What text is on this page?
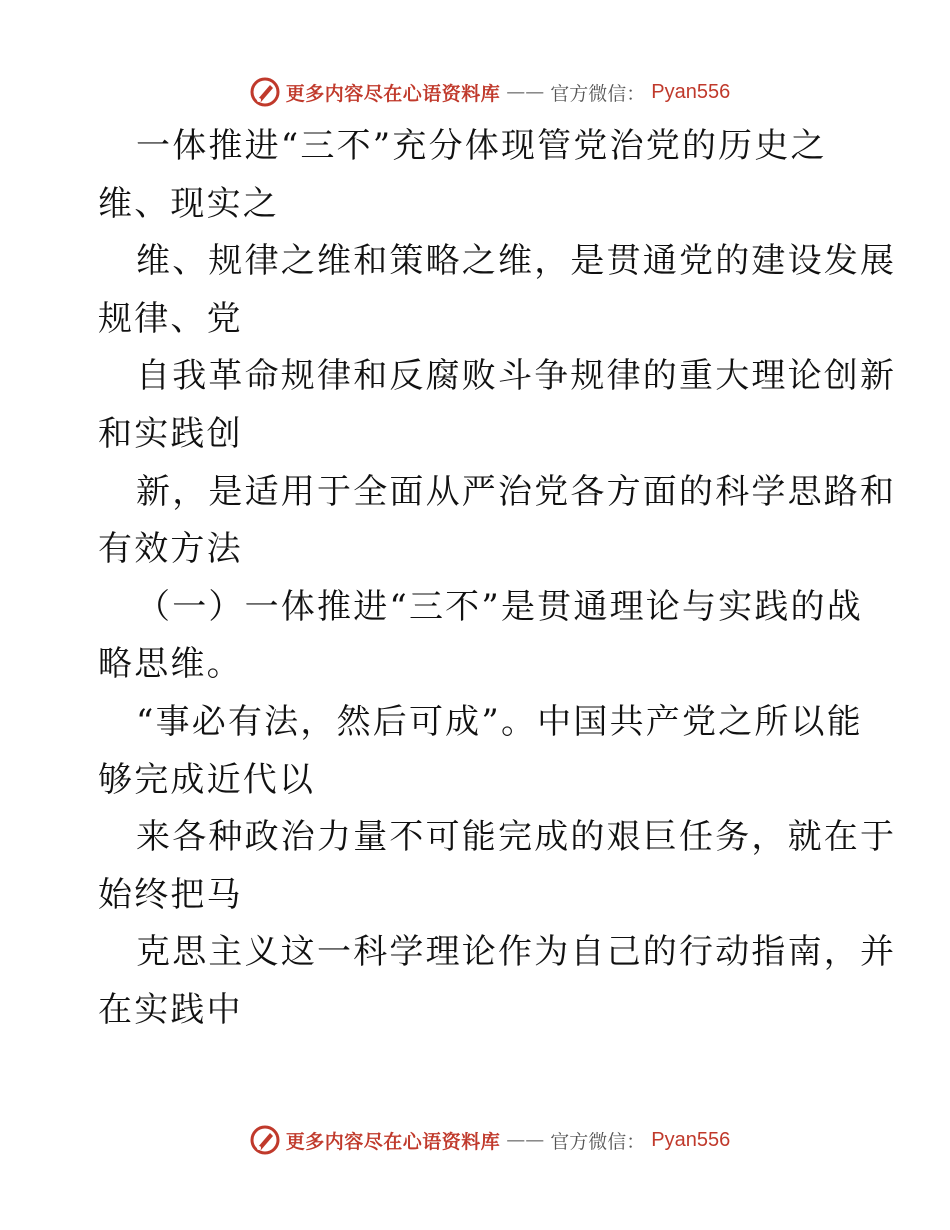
更多内容尽在心语资料库 —— 官方微信： Pyan556
一体推进“三不”充分体现管党治党的历史之
维、现实之
维、规律之维和策略之维，是贯通党的建设发展
规律、党
自我革命规律和反腐败斗争规律的重大理论创新
和实践创
新，是适用于全面从严治党各方面的科学思路和
有效方法
（一）一体推进“三不”是贯通理论与实践的战
略思维。
“事必有法，然后可成”。中国共产党之所以能
够完成近代以
来各种政治力量不可能完成的艰巨任务，就在于
始终把马
克思主义这一科学理论作为自己的行动指南，并
在实践中
更多内容尽在心语资料库 —— 官方微信： Pyan556
